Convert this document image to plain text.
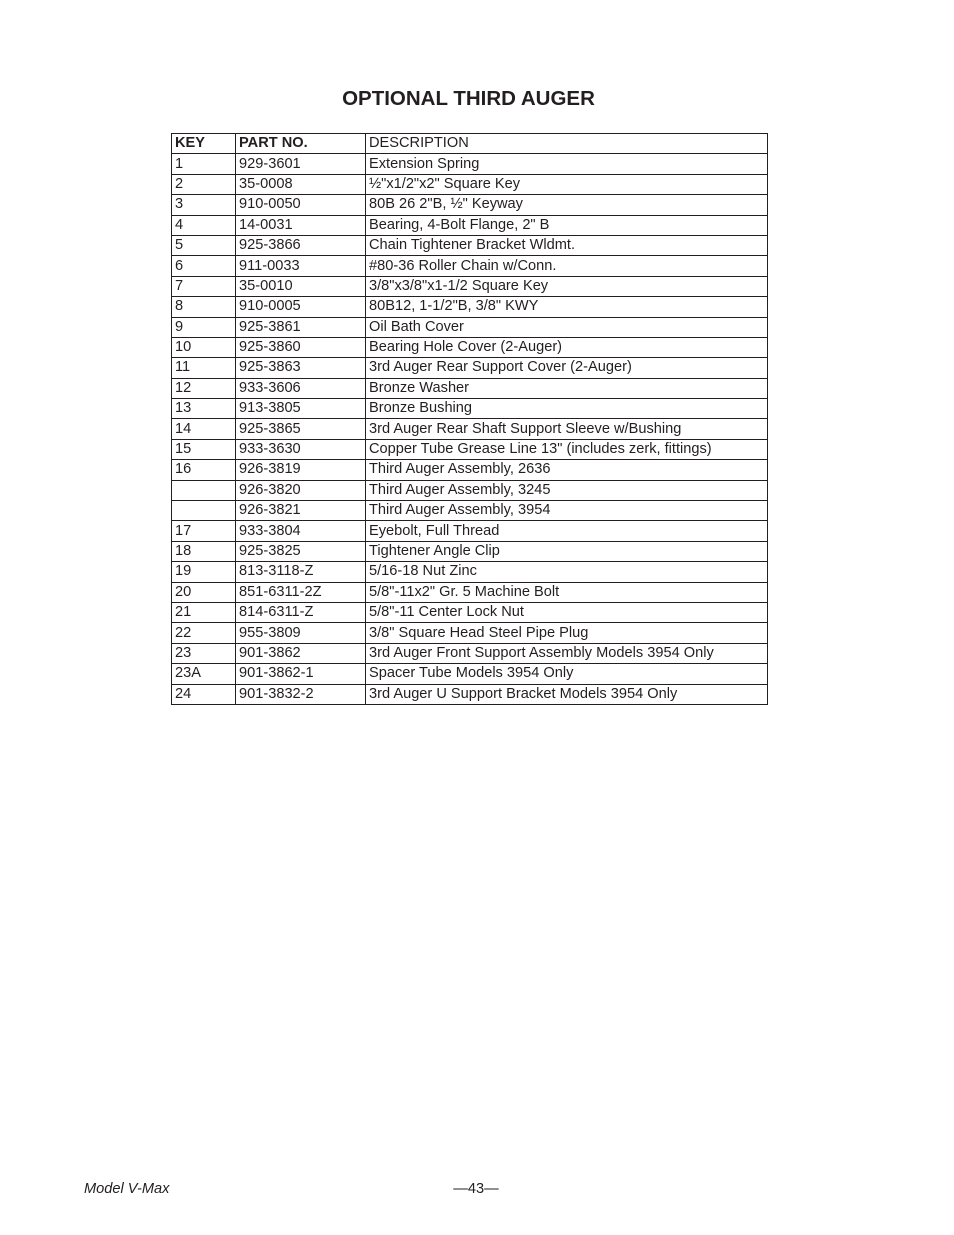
OPTIONAL THIRD AUGER
KEY	PART NO.	DESCRIPTION
1	929-3601	Extension Spring
2	35-0008	½"x1/2"x2" Square Key
3	910-0050	80B 26 2"B, ½" Keyway
4	14-0031	Bearing, 4-Bolt Flange, 2" B
5	925-3866	Chain Tightener Bracket Wldmt.
6	911-0033	#80-36 Roller Chain w/Conn.
7	35-0010	3/8"x3/8"x1-1/2 Square Key
8	910-0005	80B12, 1-1/2"B, 3/8" KWY
9	925-3861	Oil Bath Cover
10	925-3860	Bearing Hole Cover (2-Auger)
11	925-3863	3rd Auger Rear Support Cover (2-Auger)
12	933-3606	Bronze Washer
13	913-3805	Bronze Bushing
14	925-3865	3rd Auger Rear Shaft Support Sleeve w/Bushing
15	933-3630	Copper Tube Grease Line 13" (includes zerk, fittings)
16	926-3819	Third Auger Assembly, 2636
	926-3820	Third Auger Assembly, 3245
	926-3821	Third Auger Assembly, 3954
17	933-3804	Eyebolt, Full Thread
18	925-3825	Tightener Angle Clip
19	813-3118-Z	5/16-18 Nut Zinc
20	851-6311-2Z	5/8"-11x2" Gr. 5 Machine Bolt
21	814-6311-Z	5/8"-11 Center Lock Nut
22	955-3809	3/8" Square Head Steel Pipe Plug
23	901-3862	3rd Auger Front Support Assembly Models 3954 Only
23A	901-3862-1	Spacer Tube Models 3954 Only
24	901-3832-2	3rd Auger U Support Bracket Models 3954 Only
Model V-Max	—43—
